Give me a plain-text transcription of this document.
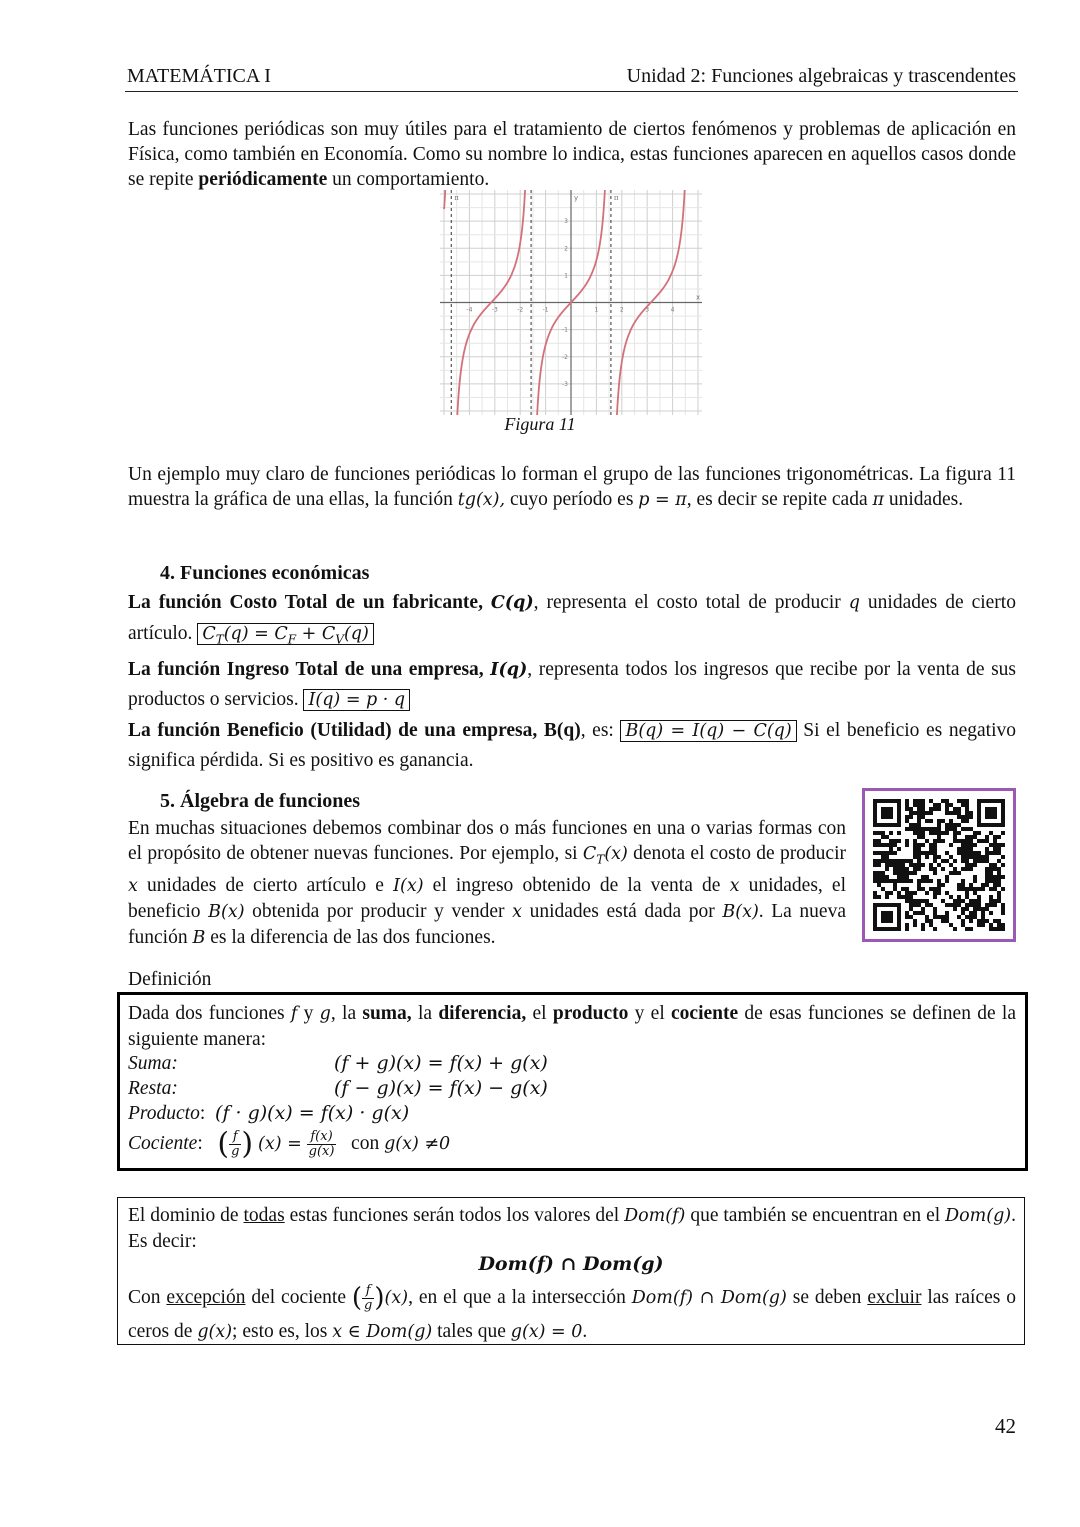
MATEMÁTICA I	Unidad 2: Funciones algebraicas y trascendentes
Las funciones periódicas son muy útiles para el tratamiento de ciertos fenómenos y problemas de aplicación en Física, como también en Economía. Como su nombre lo indica, estas funciones aparecen en aquellos casos donde se repite periódicamente un comportamiento.
-4	-3	-2	-1	1	2	3	4
3
2
1
-1
-2
-3
x
y
π	π
Figura 11
Un ejemplo muy claro de funciones periódicas lo forman el grupo de las funciones trigonométricas. La figura 11 muestra la gráfica de una ellas, la función tg(x), cuyo período es p = π, es decir se repite cada π unidades.
4. Funciones económicas
La función Costo Total de un fabricante, C(q), representa el costo total de producir q unidades de cierto artículo. $C_T(q) = C_F + C_V(q)$
La función Ingreso Total de una empresa, I(q), representa todos los ingresos que recibe por la venta de sus productos o servicios. I(q) = p · q
La función Beneficio (Utilidad) de una empresa, B(q), es: B(q) = I(q) − C(q) Si el beneficio es negativo significa pérdida. Si es positivo es ganancia.
5. Álgebra de funciones
En muchas situaciones debemos combinar dos o más funciones en una o varias formas con el propósito de obtener nuevas funciones. Por ejemplo, si $C_T(x)$ denota el costo de producir x unidades de cierto artículo e I(x) el ingreso obtenido de la venta de x unidades, el beneficio B(x) obtenida por producir y vender x unidades está dada por B(x). La nueva función B es la diferencia de las dos funciones.
Definición
Dada dos funciones f y g, la suma, la diferencia, el producto y el cociente de esas funciones se definen de la siguiente manera:
Suma:	(f + g)(x) = f(x) + g(x)
Resta:	(f − g)(x) = f(x) − g(x)
Producto:  (f · g)(x) = f(x) · g(x)
Cociente:   ( $\frac{f}{g}$ ) $(x) = \frac{f(x)}{g(x)}$ con g(x) ≠0
El dominio de todas estas funciones serán todos los valores del Dom(f) que también se encuentran en el Dom(g). Es decir:
Dom(f) ∩ Dom(g)
Con excepción del cociente ( $\frac{f}{g} )(x)$, en el que a la intersección Dom(f) ∩ Dom(g) se deben excluir las raíces o ceros de g(x); esto es, los x ∈ Dom(g) tales que g(x) = 0.
42
